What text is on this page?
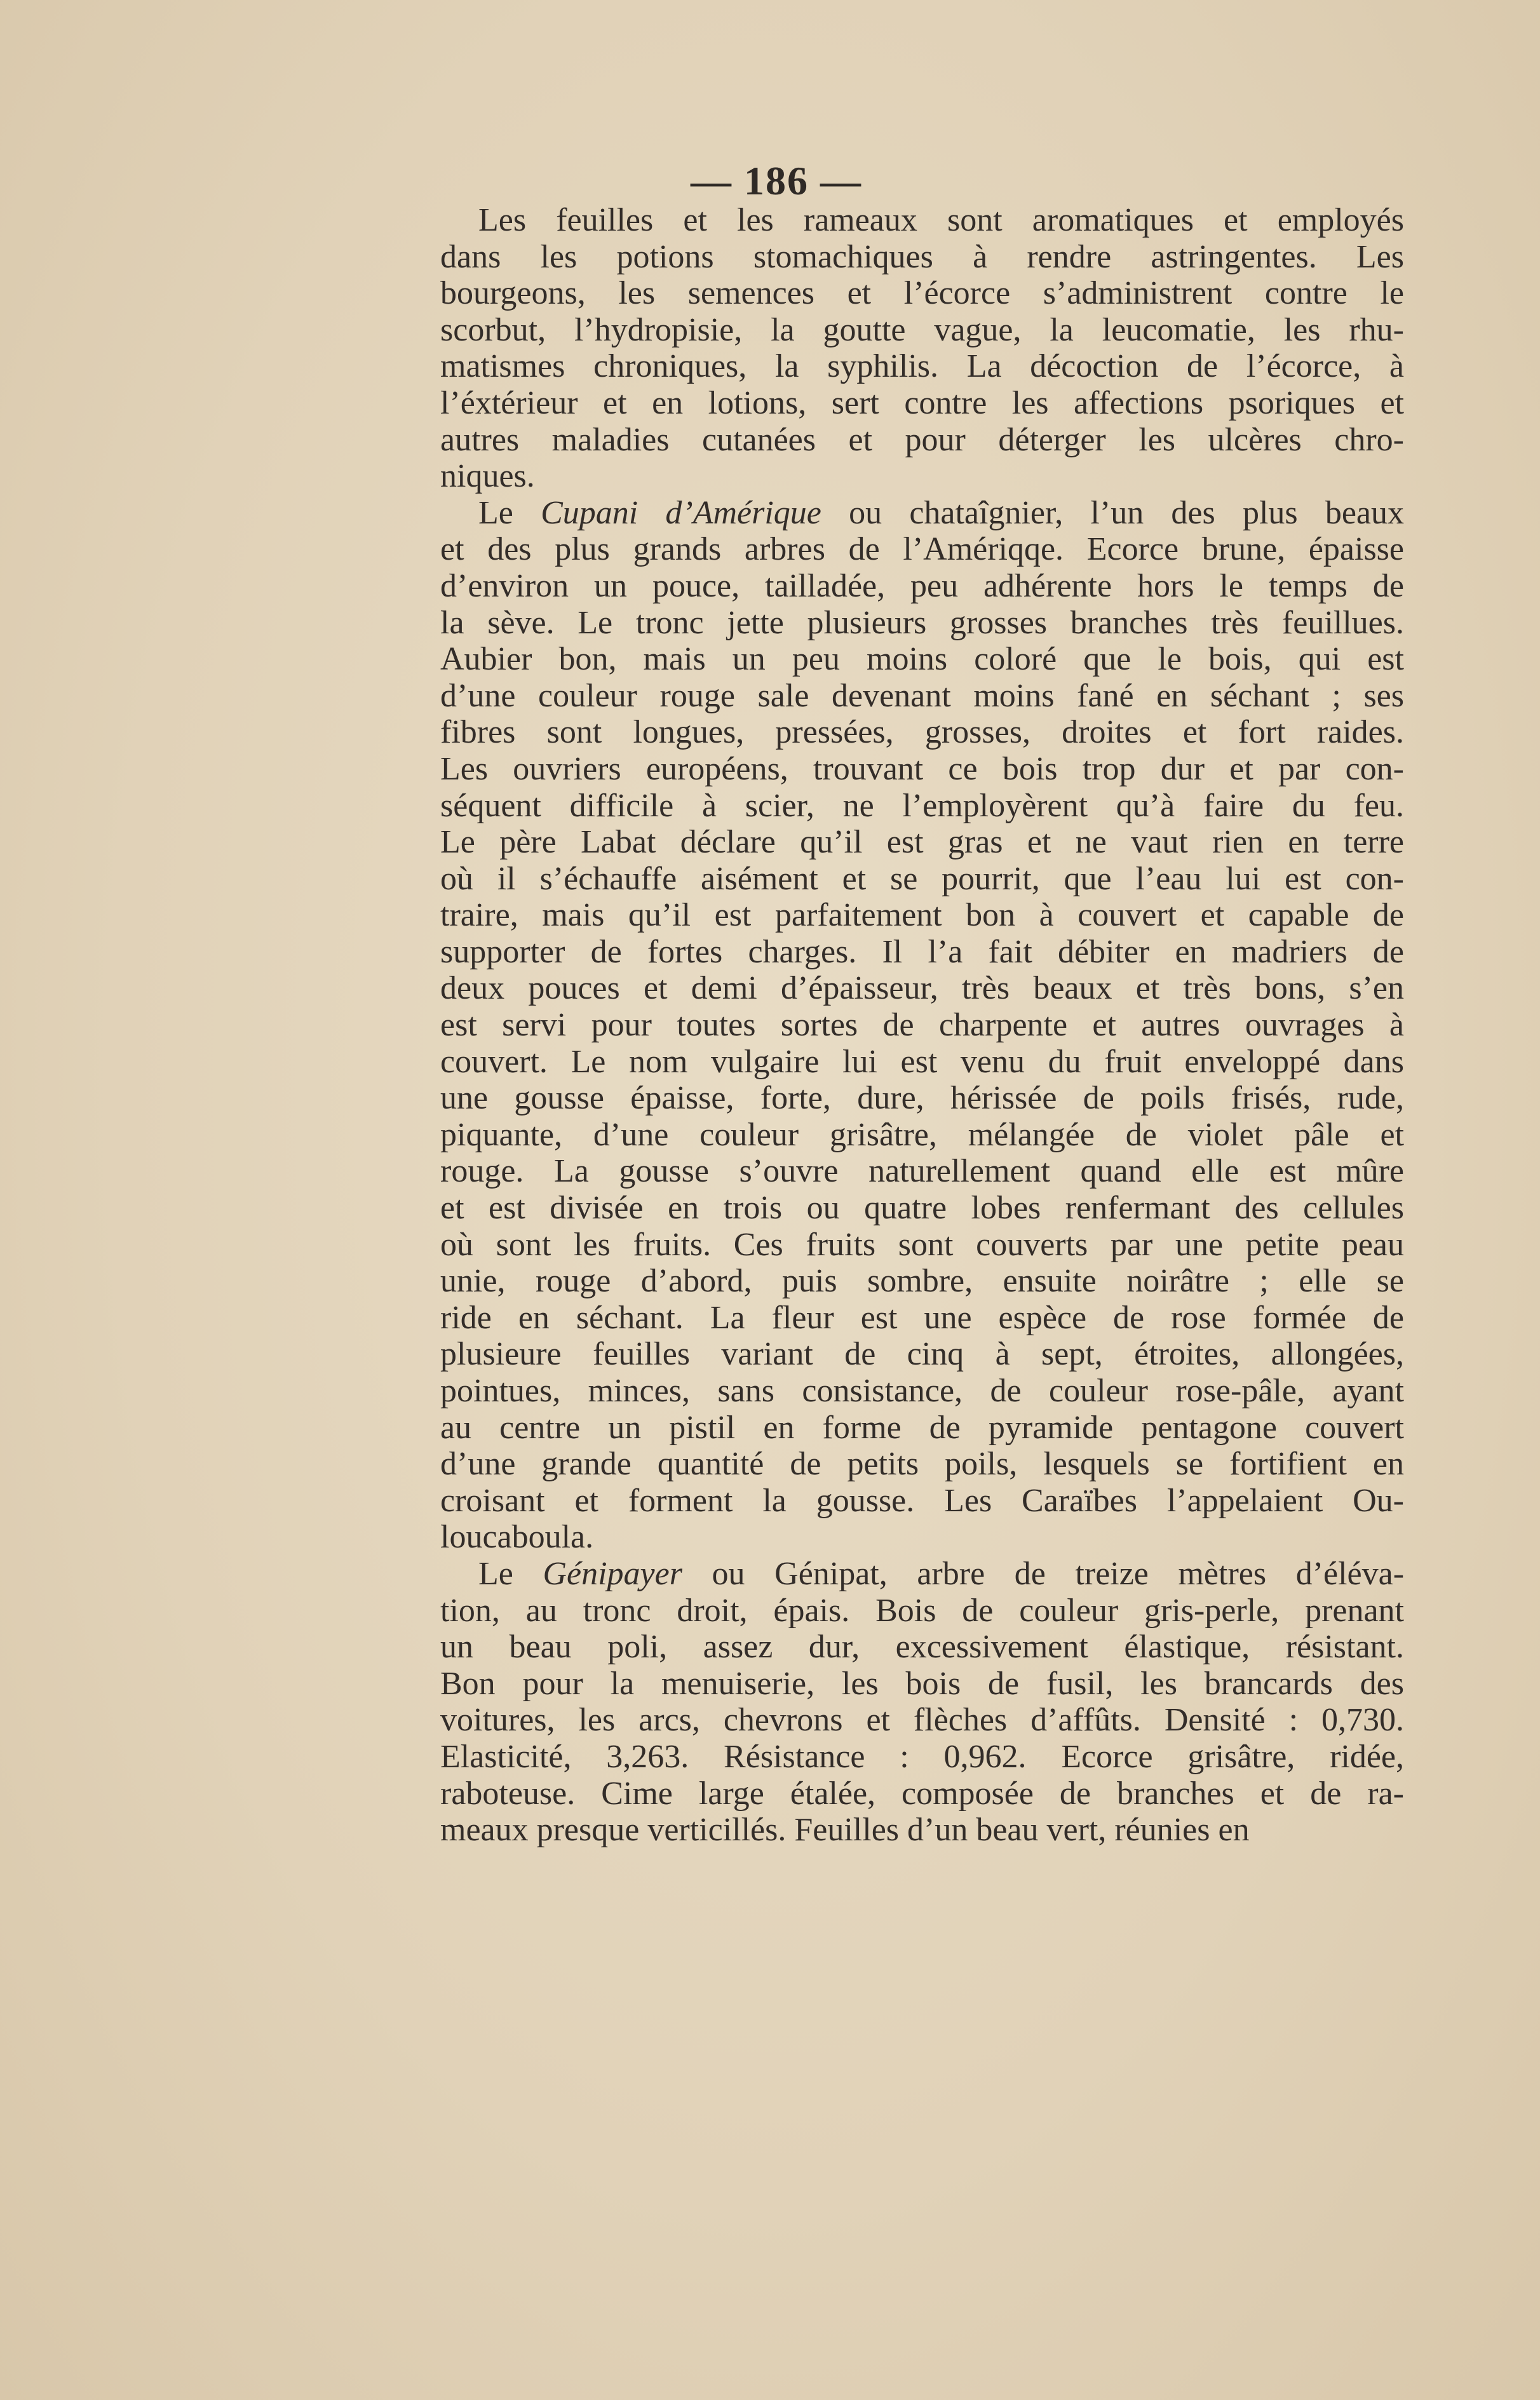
— 186 —
Les feuilles et les rameaux sont aromatiques et employés
dans les potions stomachiques à rendre astringentes. Les
bourgeons, les semences et l’écorce s’administrent contre le
scorbut, l’hydropisie, la goutte vague, la leucomatie, les rhu-
matismes chroniques, la syphilis. La décoction de l’écorce, à
l’éxtérieur et en lotions, sert contre les affections psoriques et
autres maladies cutanées et pour déterger les ulcères chro-
niques.
Le Cupani d’Amérique ou chataîgnier, l’un des plus beaux
et des plus grands arbres de l’Amériqqe. Ecorce brune, épaisse
d’environ un pouce, tailladée, peu adhérente hors le temps de
la sève. Le tronc jette plusieurs grosses branches très feuillues.
Aubier bon, mais un peu moins coloré que le bois, qui est
d’une couleur rouge sale devenant moins fané en séchant ; ses
fibres sont longues, pressées, grosses, droites et fort raides.
Les ouvriers européens, trouvant ce bois trop dur et par con-
séquent difficile à scier, ne l’employèrent qu’à faire du feu.
Le père Labat déclare qu’il est gras et ne vaut rien en terre
où il s’échauffe aisément et se pourrit, que l’eau lui est con-
traire, mais qu’il est parfaitement bon à couvert et capable de
supporter de fortes charges. Il l’a fait débiter en madriers de
deux pouces et demi d’épaisseur, très beaux et très bons, s’en
est servi pour toutes sortes de charpente et autres ouvrages à
couvert. Le nom vulgaire lui est venu du fruit enveloppé dans
une gousse épaisse, forte, dure, hérissée de poils frisés, rude,
piquante, d’une couleur grisâtre, mélangée de violet pâle et
rouge. La gousse s’ouvre naturellement quand elle est mûre
et est divisée en trois ou quatre lobes renfermant des cellules
où sont les fruits. Ces fruits sont couverts par une petite peau
unie, rouge d’abord, puis sombre, ensuite noirâtre ; elle se
ride en séchant. La fleur est une espèce de rose formée de
plusieure feuilles variant de cinq à sept, étroites, allongées,
pointues, minces, sans consistance, de couleur rose-pâle, ayant
au centre un pistil en forme de pyramide pentagone couvert
d’une grande quantité de petits poils, lesquels se fortifient en
croisant et forment la gousse. Les Caraïbes l’appelaient Ou-
loucaboula.
Le Génipayer ou Génipat, arbre de treize mètres d’éléva-
tion, au tronc droit, épais. Bois de couleur gris-perle, prenant
un beau poli, assez dur, excessivement élastique, résistant.
Bon pour la menuiserie, les bois de fusil, les brancards des
voitures, les arcs, chevrons et flèches d’affûts. Densité : 0,730.
Elasticité, 3,263. Résistance : 0,962. Ecorce grisâtre, ridée,
raboteuse. Cime large étalée, composée de branches et de ra-
meaux presque verticillés. Feuilles d’un beau vert, réunies en
